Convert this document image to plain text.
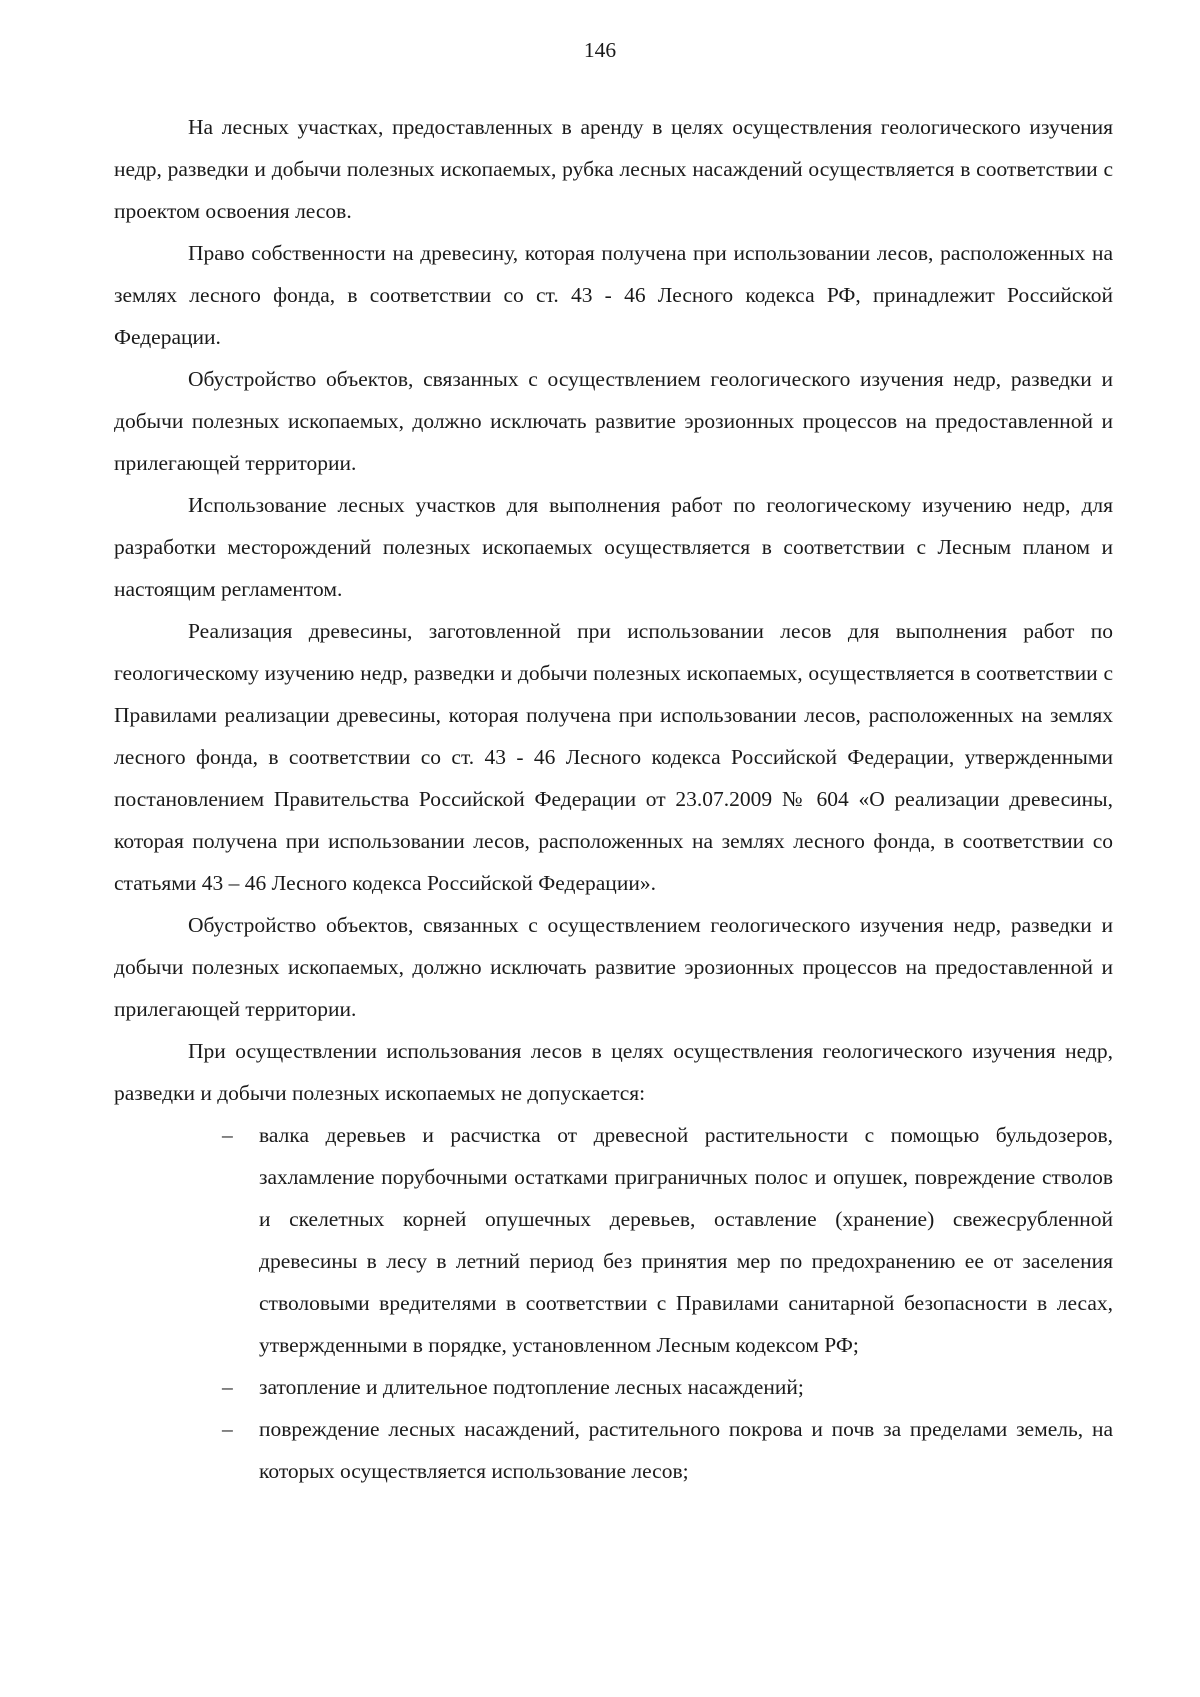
146

На лесных участках, предоставленных в аренду в целях осуществления геологического изучения недр, разведки и добычи полезных ископаемых, рубка лесных насаждений осуществляется в соответствии с проектом освоения лесов.

Право собственности на древесину, которая получена при использовании лесов, расположенных на землях лесного фонда, в соответствии со ст. 43 - 46 Лесного кодекса РФ, принадлежит Российской Федерации.

Обустройство объектов, связанных с осуществлением геологического изучения недр, разведки и добычи полезных ископаемых, должно исключать развитие эрозионных процессов на предоставленной и прилегающей территории.

Использование лесных участков для выполнения работ по геологическому изучению недр, для разработки месторождений полезных ископаемых осуществляется в соответствии с Лесным планом и настоящим регламентом.

Реализация древесины, заготовленной при использовании лесов для выполнения работ по геологическому изучению недр, разведки и добычи полезных ископаемых, осуществляется в соответствии с Правилами реализации древесины, которая получена при использовании лесов, расположенных на землях лесного фонда, в соответствии со ст. 43 - 46 Лесного кодекса Российской Федерации, утвержденными постановлением Правительства Российской Федерации от 23.07.2009 № 604 «О реализации древесины, которая получена при использовании лесов, расположенных на землях лесного фонда, в соответствии со статьями 43 – 46 Лесного кодекса Российской Федерации».

Обустройство объектов, связанных с осуществлением геологического изучения недр, разведки и добычи полезных ископаемых, должно исключать развитие эрозионных процессов на предоставленной и прилегающей территории.

При осуществлении использования лесов в целях осуществления геологического изучения недр, разведки и добычи полезных ископаемых не допускается:

– валка деревьев и расчистка от древесной растительности с помощью бульдозеров, захламление порубочными остатками приграничных полос и опушек, повреждение стволов и скелетных корней опушечных деревьев, оставление (хранение) свежесрубленной древесины в лесу в летний период без принятия мер по предохранению ее от заселения стволовыми вредителями в соответствии с Правилами санитарной безопасности в лесах, утвержденными в порядке, установленном Лесным кодексом РФ;
– затопление и длительное подтопление лесных насаждений;
– повреждение лесных насаждений, растительного покрова и почв за пределами земель, на которых осуществляется использование лесов;
